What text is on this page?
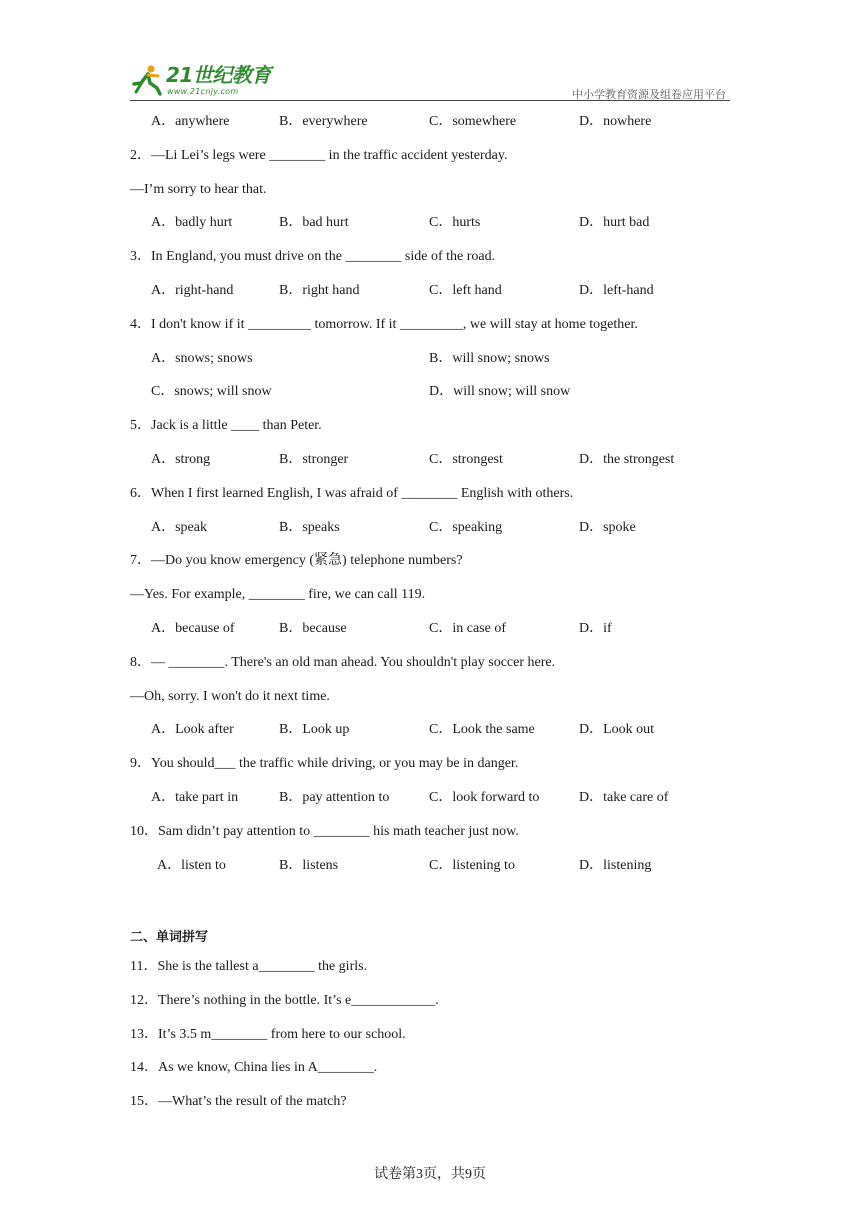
21世纪教育
www.21cnjy.com	中小学教育资源及组卷应用平台
A．anywhere	B．everywhere	C．somewhere	D．nowhere
2．—Li Lei’s legs were ________ in the traffic accident yesterday.
—I’m sorry to hear that.
A．badly hurt	B．bad hurt	C．hurts	D．hurt bad
3．In England, you must drive on the ________ side of the road.
A．right-hand	B．right hand	C．left hand	D．left-hand
4．I don't know if it _________ tomorrow. If it _________, we will stay at home together.
A．snows; snows	B．will snow; snows
C．snows; will snow	D．will snow; will snow
5．Jack is a little ____ than Peter.
A．strong	B．stronger	C．strongest	D．the strongest
6．When I first learned English, I was afraid of ________ English with others.
A．speak	B．speaks	C．speaking	D．spoke
7．—Do you know emergency (紧急) telephone numbers?
—Yes. For example, ________ fire, we can call 119.
A．because of	B．because	C．in case of	D．if
8．— ________. There's an old man ahead. You shouldn't play soccer here.
—Oh, sorry. I won't do it next time.
A．Look after	B．Look up	C．Look the same	D．Look out
9．You should___ the traffic while driving, or you may be in danger.
A．take part in	B．pay attention to	C．look forward to	D．take care of
10．Sam didn’t pay attention to ________ his math teacher just now.
A．listen to	B．listens	C．listening to	D．listening
二、单词拼写
11．She is the tallest a________ the girls.
12．There’s nothing in the bottle. It’s e____________.
13．It’s 3.5 m________ from here to our school.
14．As we know, China lies in A________.
15．—What’s the result of the match?
试卷第3页，共9页
